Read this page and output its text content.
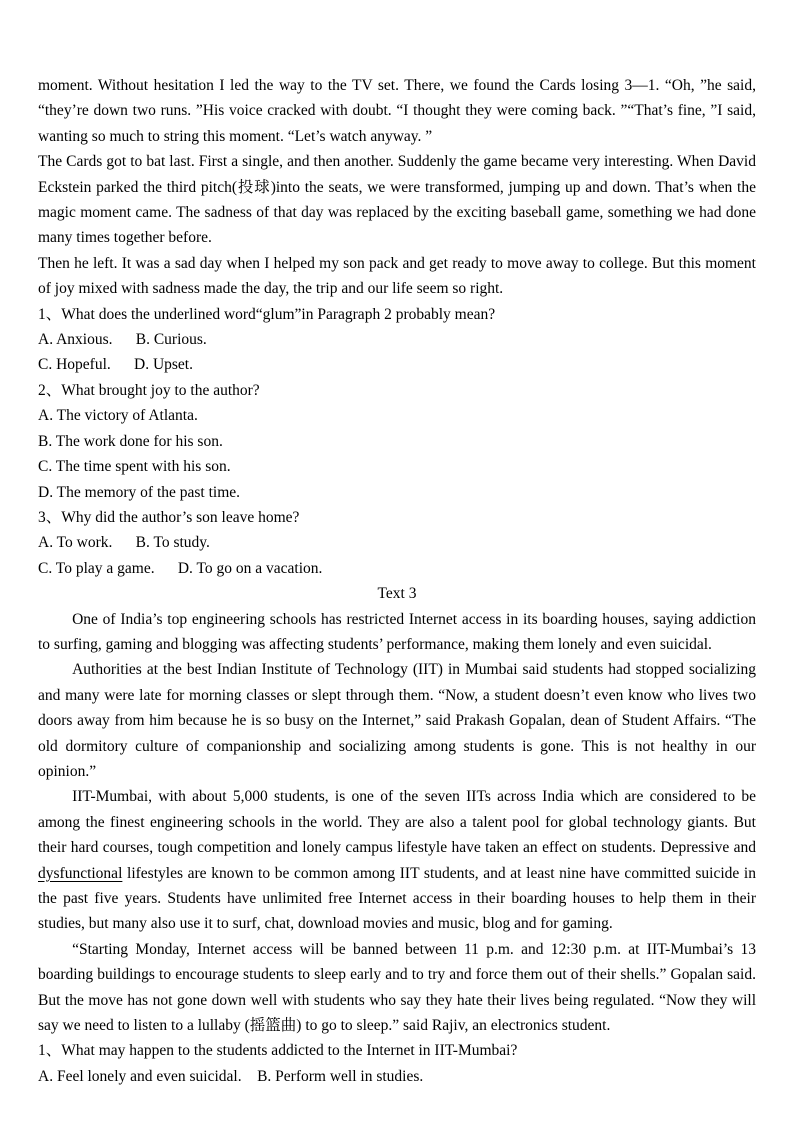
moment. Without hesitation I led the way to the TV set. There, we found the Cards losing 3—1. “Oh, ”he said, “they’re down two runs. ”His voice cracked with doubt. “I thought they were coming back. ”“That’s fine, ”I said, wanting so much to string this moment. “Let’s watch anyway. ”

The Cards got to bat last. First a single, and then another. Suddenly the game became very interesting. When David Eckstein parked the third pitch(投球)into the seats, we were transformed, jumping up and down. That’s when the magic moment came. The sadness of that day was replaced by the exciting baseball game, something we had done many times together before.

Then he left. It was a sad day when I helped my son pack and get ready to move away to college. But this moment of joy mixed with sadness made the day, the trip and our life seem so right.

1、What does the underlined word“glum”in Paragraph 2 probably mean?

A. Anxious.      B. Curious.

C. Hopeful.      D. Upset.

2、What brought joy to the author?

A. The victory of Atlanta.

B. The work done for his son.

C. The time spent with his son.

D. The memory of the past time.

3、Why did the author’s son leave home?

A. To work.      B. To study.

C. To play a game.      D. To go on a vacation.

Text 3

One of India’s top engineering schools has restricted Internet access in its boarding houses, saying addiction to surfing, gaming and blogging was affecting students’ performance, making them lonely and even suicidal.

Authorities at the best Indian Institute of Technology (IIT) in Mumbai said students had stopped socializing and many were late for morning classes or slept through them. “Now, a student doesn’t even know who lives two doors away from him because he is so busy on the Internet,” said Prakash Gopalan, dean of Student Affairs. “The old dormitory culture of companionship and socializing among students is gone. This is not healthy in our opinion.”

IIT-Mumbai, with about 5,000 students, is one of the seven IITs across India which are considered to be among the finest engineering schools in the world. They are also a talent pool for global technology giants. But their hard courses, tough competition and lonely campus lifestyle have taken an effect on students. Depressive and dysfunctional lifestyles are known to be common among IIT students, and at least nine have committed suicide in the past five years. Students have unlimited free Internet access in their boarding houses to help them in their studies, but many also use it to surf, chat, download movies and music, blog and for gaming.

“Starting Monday, Internet access will be banned between 11 p.m. and 12:30 p.m. at IIT-Mumbai’s 13 boarding buildings to encourage students to sleep early and to try and force them out of their shells.” Gopalan said. But the move has not gone down well with students who say they hate their lives being regulated. “Now they will say we need to listen to a lullaby (摇篮曲) to go to sleep.” said Rajiv, an electronics student.

1、What may happen to the students addicted to the Internet in IIT-Mumbai?

A. Feel lonely and even suicidal.    B. Perform well in studies.
